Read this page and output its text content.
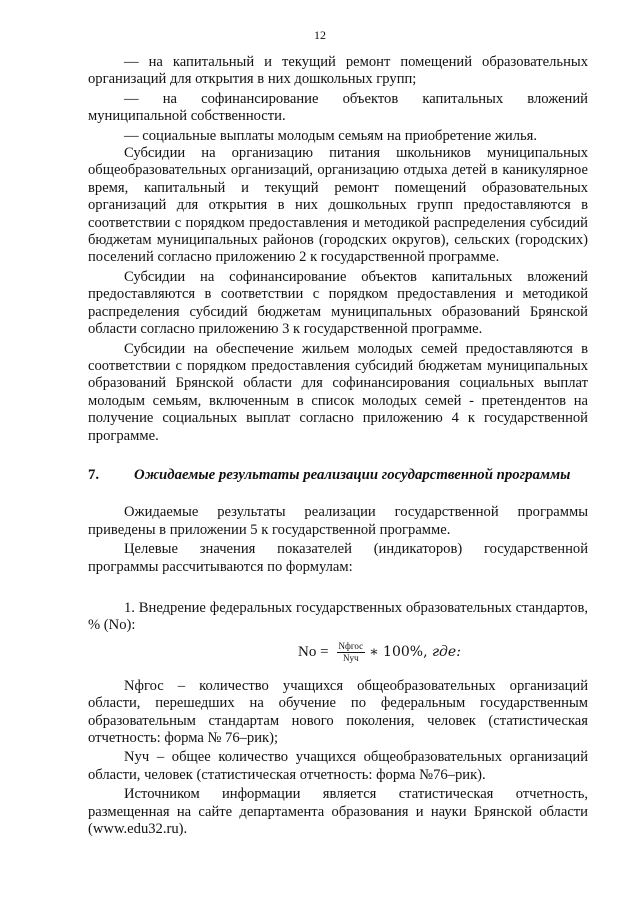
12

— на капитальный и текущий ремонт помещений образовательных организаций для открытия в них дошкольных групп;

— на софинансирование объектов капитальных вложений муниципальной собственности.

— социальные выплаты молодым семьям на приобретение жилья.

Субсидии на организацию питания школьников муниципальных общеобразовательных организаций, организацию отдыха детей в каникулярное время, капитальный и текущий ремонт помещений образовательных организаций для открытия в них дошкольных групп предоставляются в соответствии с порядком предоставления и методикой распределения субсидий бюджетам муниципальных районов (городских округов), сельских (городских) поселений согласно приложению 2 к государственной программе.

Субсидии на софинансирование объектов капитальных вложений предоставляются в соответствии с порядком предоставления и методикой распределения субсидий бюджетам муниципальных образований Брянской области согласно приложению 3 к государственной программе.

Субсидии на обеспечение жильем молодых семей предоставляются в соответствии с порядком предоставления субсидий бюджетам муниципальных образований Брянской области для софинансирования социальных выплат молодым семьям, включенным в список молодых семей - претендентов на получение социальных выплат согласно приложению 4 к государственной программе.

7.	Ожидаемые результаты реализации государственной программы

Ожидаемые результаты реализации государственной программы приведены в приложении 5 к государственной программе.

Целевые значения показателей (индикаторов) государственной программы рассчитываются по формулам:

1. Внедрение федеральных государственных образовательных стандартов, % (Nо):

$No = \frac{\text{Nфгос}}{\text{Nуч}}$ ∗ 100%, где:

Nфгос – количество учащихся общеобразовательных организаций области, перешедших на обучение по федеральным государственным образовательным стандартам нового поколения, человек (статистическая отчетность: форма № 76–рик);

Nуч – общее количество учащихся общеобразовательных организаций области, человек (статистическая отчетность: форма №76–рик).

Источником информации является статистическая отчетность, размещенная на сайте департамента образования и науки Брянской области (www.edu32.ru).
